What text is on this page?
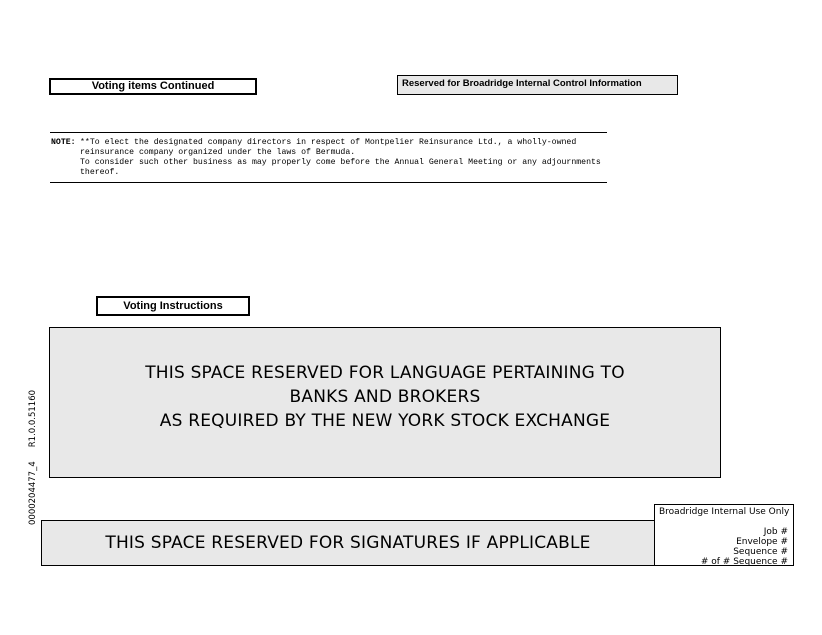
Voting items Continued	Reserved for Broadridge Internal Control Information
NOTE: **To elect the designated company directors in respect of Montpelier Reinsurance Ltd., a wholly-owned
reinsurance company organized under the laws of Bermuda.
To consider such other business as may properly come before the Annual General Meeting or any adjournments
thereof.
Voting Instructions
THIS SPACE RESERVED FOR LANGUAGE PERTAINING TO
BANKS AND BROKERS
AS REQUIRED BY THE NEW YORK STOCK EXCHANGE
THIS SPACE RESERVED FOR SIGNATURES IF APPLICABLE
Broadridge Internal Use Only
Job #
Envelope #
Sequence #
# of # Sequence #
0000204477_4R1.0.0.51160
